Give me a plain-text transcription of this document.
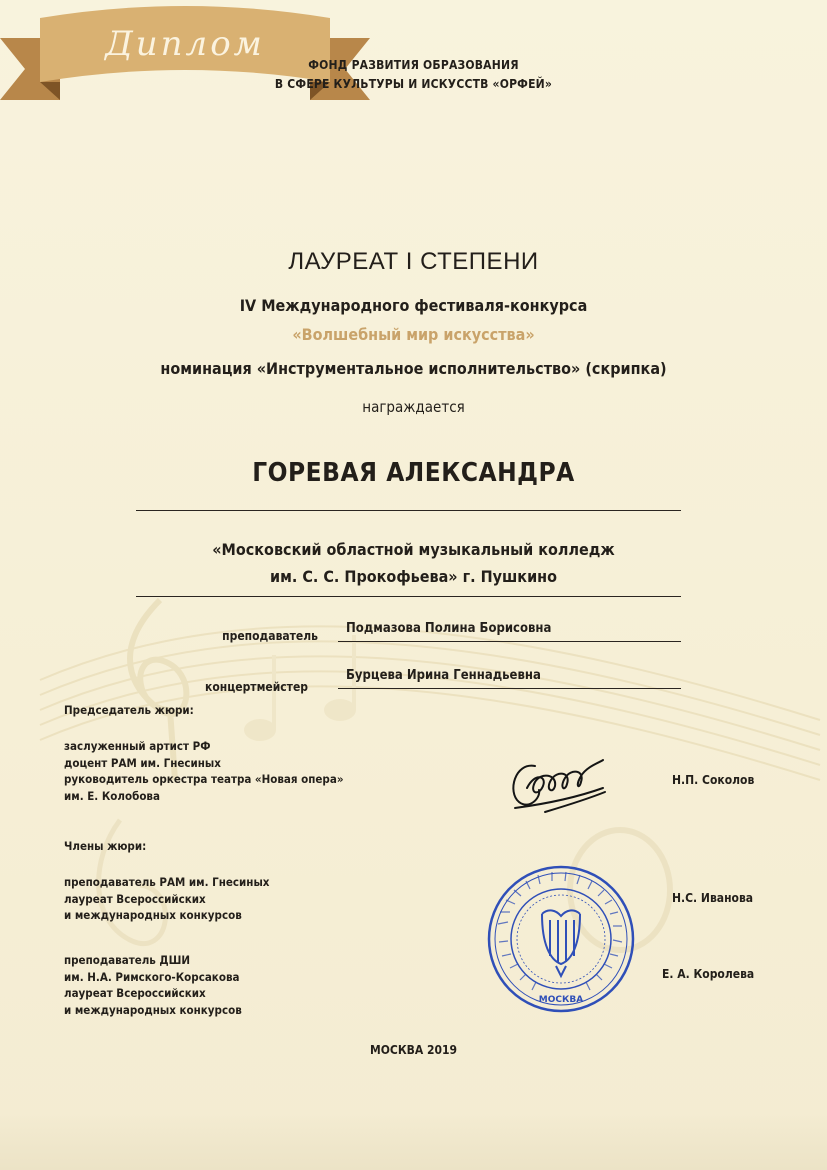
ФОНД РАЗВИТИЯ ОБРАЗОВАНИЯ
В СФЕРЕ КУЛЬТУРЫ И ИСКУССТВ «ОРФЕЙ»
Диплом
ЛАУРЕАТ I СТЕПЕНИ
IV Международного фестиваля-конкурса
«Волшебный мир искусства»
номинация «Инструментальное исполнительство» (скрипка)
награждается
ГОРЕВАЯ АЛЕКСАНДРА
«Московский областной музыкальный колледж
им. С. С. Прокофьева» г. Пушкино
преподаватель Подмазова Полина Борисовна
концертмейстер
Бурцева Ирина Геннадьевна
Председатель жюри:
заслуженный артист РФ
доцент РАМ им. Гнесиных
руководитель оркестра театра «Новая опера»
им. Е. Колобова
Н.П. Соколов
Члены жюри:
преподаватель РАМ им. Гнесиных
лауреат Всероссийских
и международных конкурсов
Н.С. Иванова
преподаватель ДШИ
им. Н.А. Римского-Корсакова
лауреат Всероссийских
и международных конкурсов
Е. А. Королева
МОСКВА
МОСКВА 2019
